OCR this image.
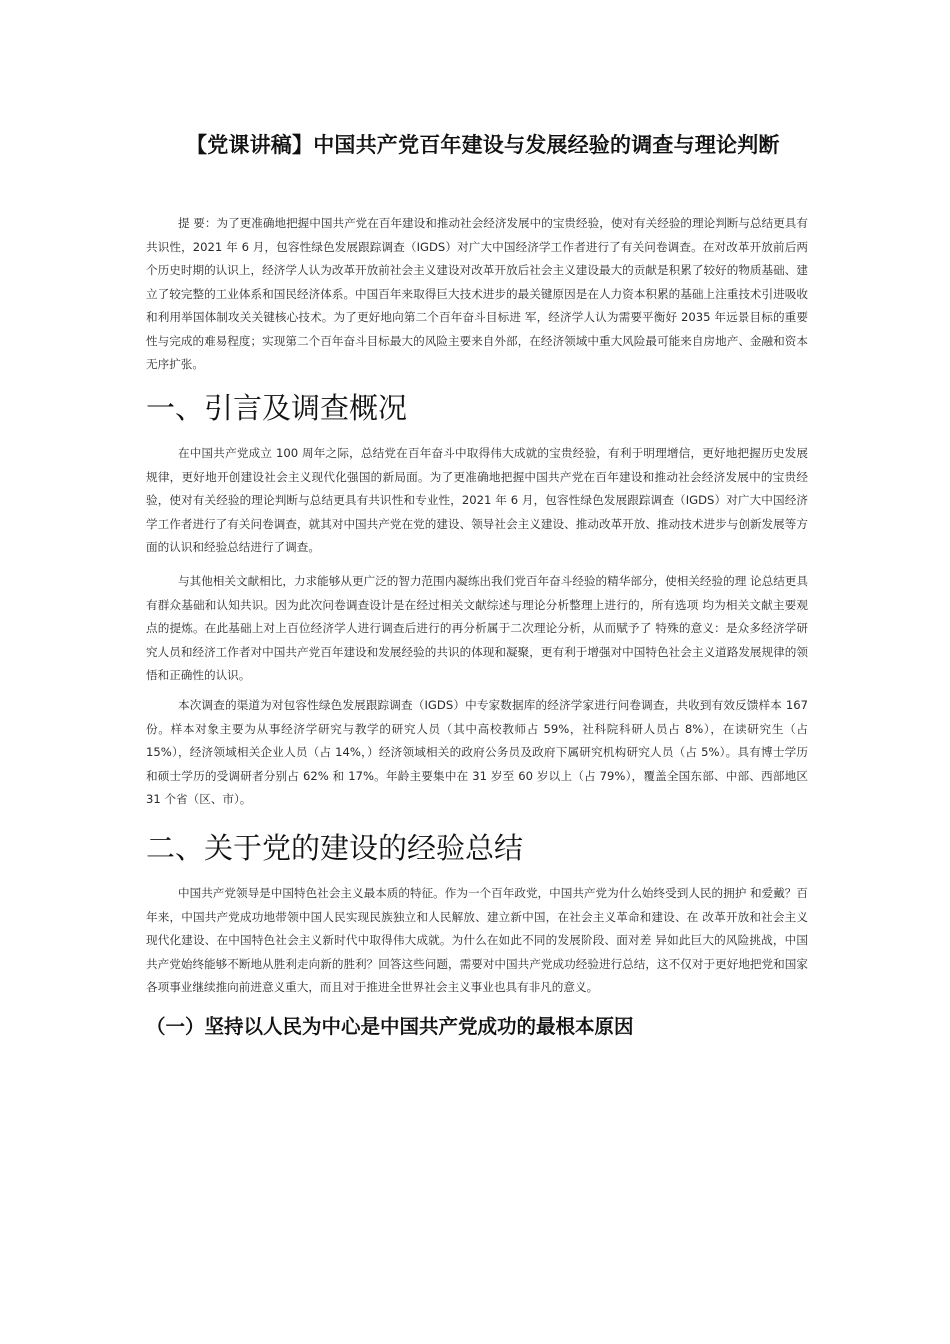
【党课讲稿】中国共产党百年建设与发展经验的调查与理论判断

提 要：为了更准确地把握中国共产党在百年建设和推动社会经济发展中的宝贵经验，使对有关经验的理论判断与总结更具有共识性，2021 年 6 月，包容性绿色发展跟踪调查（IGDS）对广大中国经济学工作者进行了有关问卷调查。在对改革开放前后两个历史时期的认识上，经济学人认为改革开放前社会主义建设对改革开放后社会主义建设最大的贡献是积累了较好的物质基础、建立了较完整的工业体系和国民经济体系。中国百年来取得巨大技术进步的最关键原因是在人力资本积累的基础上注重技术引进吸收和利用举国体制攻关关键核心技术。为了更好地向第二个百年奋斗目标进 军，经济学人认为需要平衡好 2035 年远景目标的重要性与完成的难易程度；实现第二个百年奋斗目标最大的风险主要来自外部，在经济领域中重大风险最可能来自房地产、金融和资本无序扩张。

一、引言及调查概况

在中国共产党成立 100 周年之际，总结党在百年奋斗中取得伟大成就的宝贵经验，有利于明理增信，更好地把握历史发展规律，更好地开创建设社会主义现代化强国的新局面。为了更准确地把握中国共产党在百年建设和推动社会经济发展中的宝贵经验，使对有关经验的理论判断与总结更具有共识性和专业性，2021 年 6 月，包容性绿色发展跟踪调查（IGDS）对广大中国经济学工作者进行了有关问卷调查，就其对中国共产党在党的建设、领导社会主义建设、推动改革开放、推动技术进步与创新发展等方面的认识和经验总结进行了调查。

与其他相关文献相比，力求能够从更广泛的智力范围内凝练出我们党百年奋斗经验的精华部分，使相关经验的理 论总结更具有群众基础和认知共识。因为此次问卷调查设计是在经过相关文献综述与理论分析整理上进行的，所有选项 均为相关文献主要观点的提炼。在此基础上对上百位经济学人进行调查后进行的再分析属于二次理论分析，从而赋予了 特殊的意义：是众多经济学研究人员和经济工作者对中国共产党百年建设和发展经验的共识的体现和凝聚，更有利于增强对中国特色社会主义道路发展规律的领悟和正确性的认识。

本次调查的渠道为对包容性绿色发展跟踪调查（IGDS）中专家数据库的经济学家进行问卷调查，共收到有效反馈样本 167 份。样本对象主要为从事经济学研究与教学的研究人员（其中高校教师占 59%，社科院科研人员占 8%），在读研究生（占 15%），经济领域相关企业人员（占 14%，）经济领域相关的政府公务员及政府下属研究机构研究人员（占 5%）。具有博士学历和硕士学历的受调研者分别占 62% 和 17%。年龄主要集中在 31 岁至 60 岁以上（占 79%），覆盖全国东部、中部、西部地区 31 个省（区、市）。

二、关于党的建设的经验总结

中国共产党领导是中国特色社会主义最本质的特征。作为一个百年政党，中国共产党为什么始终受到人民的拥护 和爱戴？百年来，中国共产党成功地带领中国人民实现民族独立和人民解放、建立新中国，在社会主义革命和建设、在 改革开放和社会主义现代化建设、在中国特色社会主义新时代中取得伟大成就。为什么在如此不同的发展阶段、面对差 异如此巨大的风险挑战，中国共产党始终能够不断地从胜利走向新的胜利？回答这些问题，需要对中国共产党成功经验进行总结，这不仅对于更好地把党和国家各项事业继续推向前进意义重大，而且对于推进全世界社会主义事业也具有非凡的意义。

（一）坚持以人民为中心是中国共产党成功的最根本原因
